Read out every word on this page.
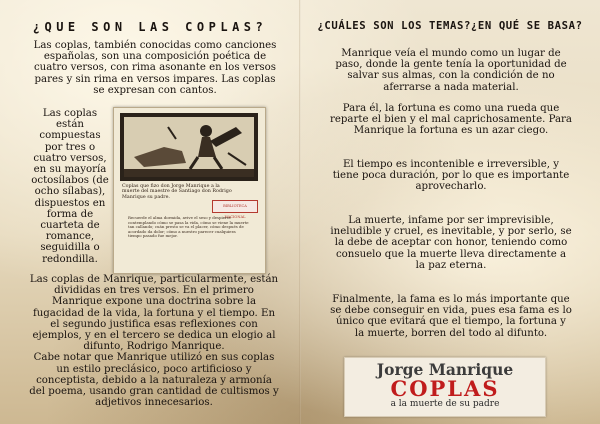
¿QUE SON LAS COPLAS?

Las coplas, también conocidas como canciones españolas, son una composición poética de cuatro versos, con rima asonante en los versos pares y sin rima en versos impares. Las coplas se expresan con cantos.

Las coplas están compuestas por tres o cuatro versos, en su mayoría octosílabos (de ocho sílabas), dispuestos en forma de cuarteta de romance, seguidilla o redondilla.

Coplas que fizo don Jorge Manrique a la muerte del maestre de Santiago don Rodrigo Manrique su padre.

BIBLIOTECA NACIONAL

Recuerde el alma dormida, avive el seso y despierte contemplando cómo se pasa la vida, cómo se viene la muerte tan callando; cuán presto se va el placer, cómo después de acordado da dolor; cómo a nuestro parecer cualquiera tiempo pasado fue mejor.

Las coplas de Manrique, particularmente, están divididas en tres versos. En el primero Manrique expone una doctrina sobre la fugacidad de la vida, la fortuna y el tiempo. En el segundo justifica esas reflexiones con ejemplos, y en el tercero se dedica un elogio al difunto, Rodrigo Manrique.

Cabe notar que Manrique utilizó en sus coplas un estilo preclásico, poco artificioso y conceptista, debido a la naturaleza y armonía del poema, usando gran cantidad de cultismos y adjetivos innecesarios.

¿CUÁLES SON LOS TEMAS?¿EN QUÉ SE BASA?

Manrique veía el mundo como un lugar de paso, donde la gente tenía la oportunidad de salvar sus almas, con la condición de no aferrarse a nada material.

Para él, la fortuna es como una rueda que reparte el bien y el mal caprichosamente. Para Manrique la fortuna es un azar ciego.

El tiempo es incontenible e irreversible, y tiene poca duración, por lo que es importante aprovecharlo.

La muerte, infame por ser imprevisible, ineludible y cruel, es inevitable, y por serlo, se la debe de aceptar con honor, teniendo como consuelo que la muerte lleva directamente a la paz eterna.

Finalmente, la fama es lo más importante que se debe conseguir en vida, pues esa fama es lo único que evitará que el tiempo, la fortuna y la muerte, borren del todo al difunto.

Jorge Manrique
COPLAS
a la muerte de su padre
